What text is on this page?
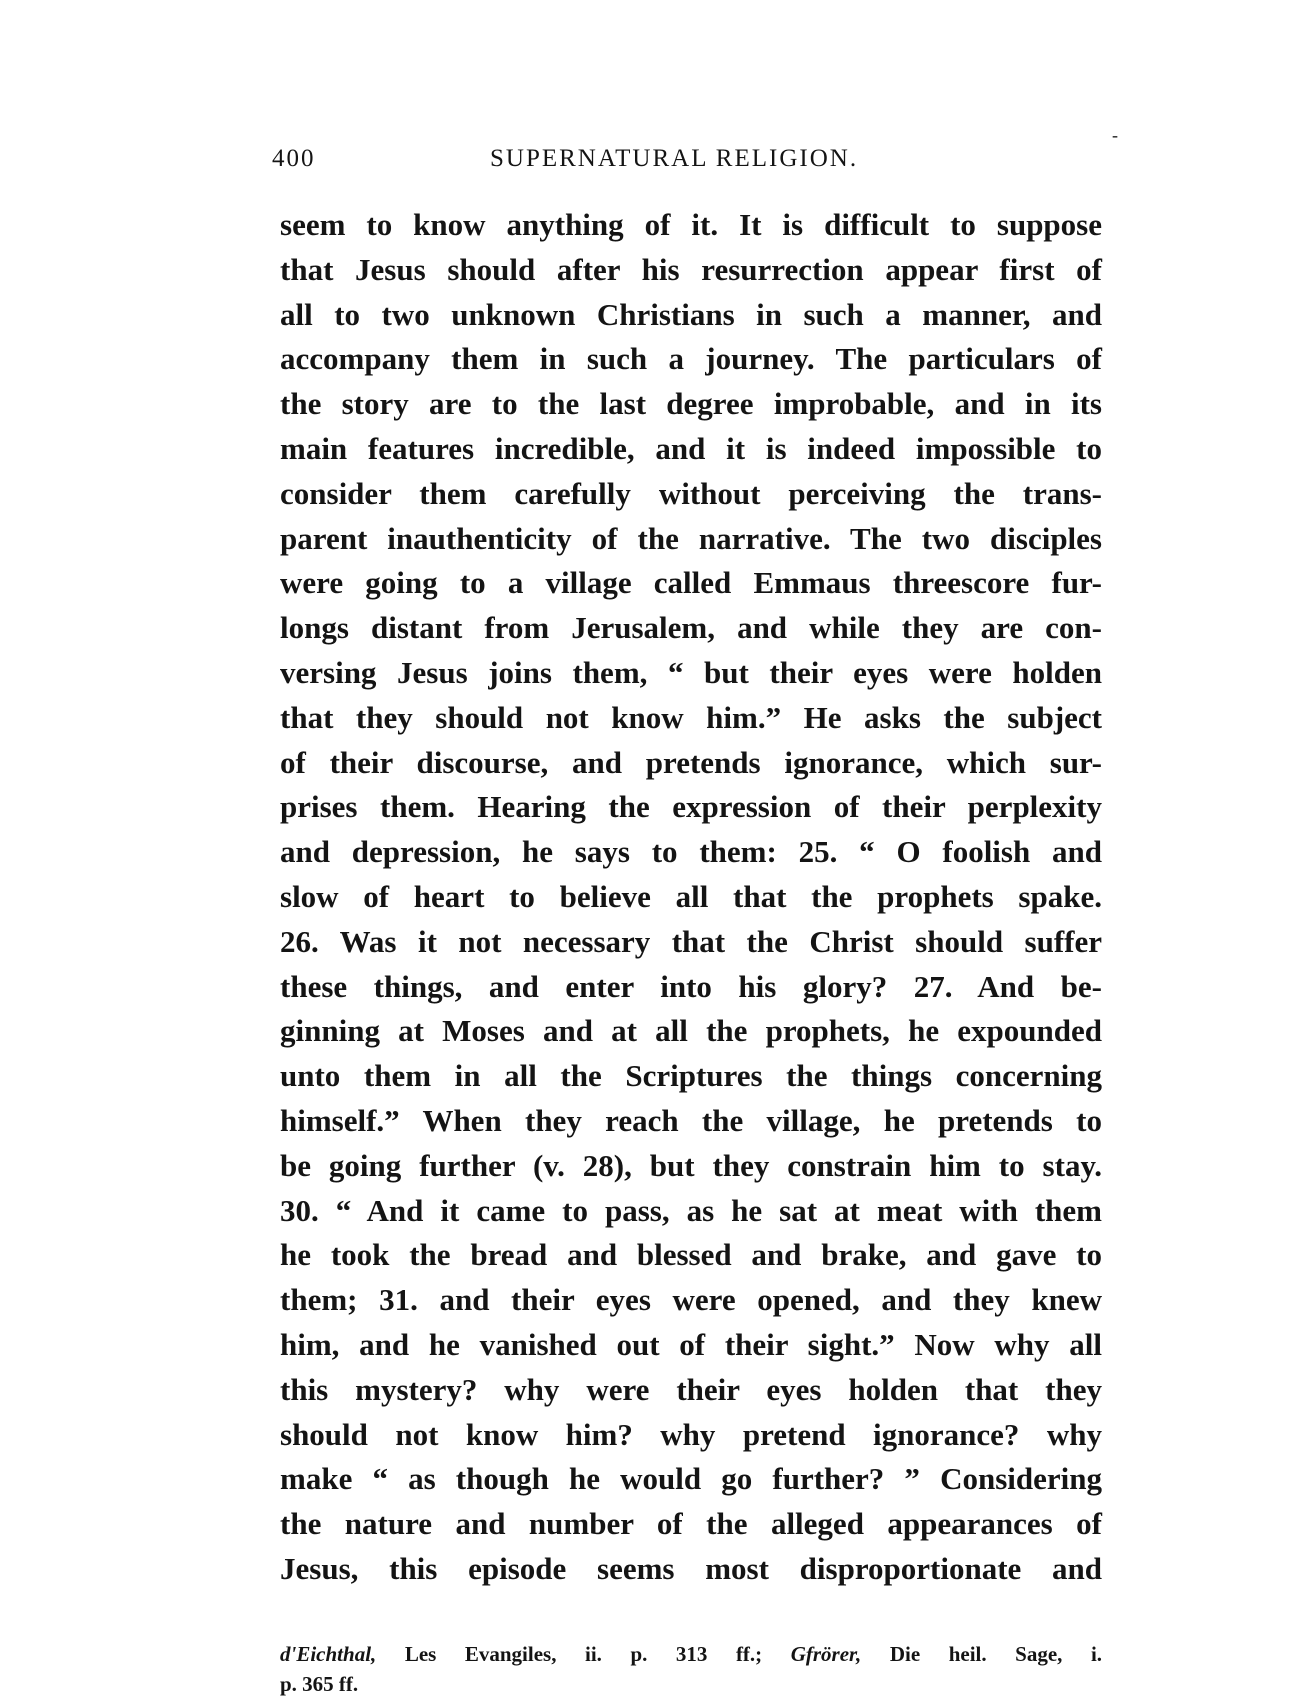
400	SUPERNATURAL RELIGION.
-
seem to know anything of it. It is difficult to suppose
that Jesus should after his resurrection appear first of
all to two unknown Christians in such a manner, and
accompany them in such a journey. The particulars of
the story are to the last degree improbable, and in its
main features incredible, and it is indeed impossible to
consider them carefully without perceiving the trans-
parent inauthenticity of the narrative. The two disciples
were going to a village called Emmaus threescore fur-
longs distant from Jerusalem, and while they are con-
versing Jesus joins them, “ but their eyes were holden
that they should not know him.” He asks the subject
of their discourse, and pretends ignorance, which sur-
prises them. Hearing the expression of their perplexity
and depression, he says to them: 25. “ O foolish and
slow of heart to believe all that the prophets spake.
26. Was it not necessary that the Christ should suffer
these things, and enter into his glory? 27. And be-
ginning at Moses and at all the prophets, he expounded
unto them in all the Scriptures the things concerning
himself.” When they reach the village, he pretends to
be going further (v. 28), but they constrain him to stay.
30. “ And it came to pass, as he sat at meat with them
he took the bread and blessed and brake, and gave to
them; 31. and their eyes were opened, and they knew
him, and he vanished out of their sight.” Now why all
this mystery? why were their eyes holden that they
should not know him? why pretend ignorance? why
make “ as though he would go further? ” Considering
the nature and number of the alleged appearances of
Jesus, this episode seems most disproportionate and
d'Eichthal, Les Evangiles, ii. p. 313 ff.; Gfrörer, Die heil. Sage, i.
p. 365 ff.
